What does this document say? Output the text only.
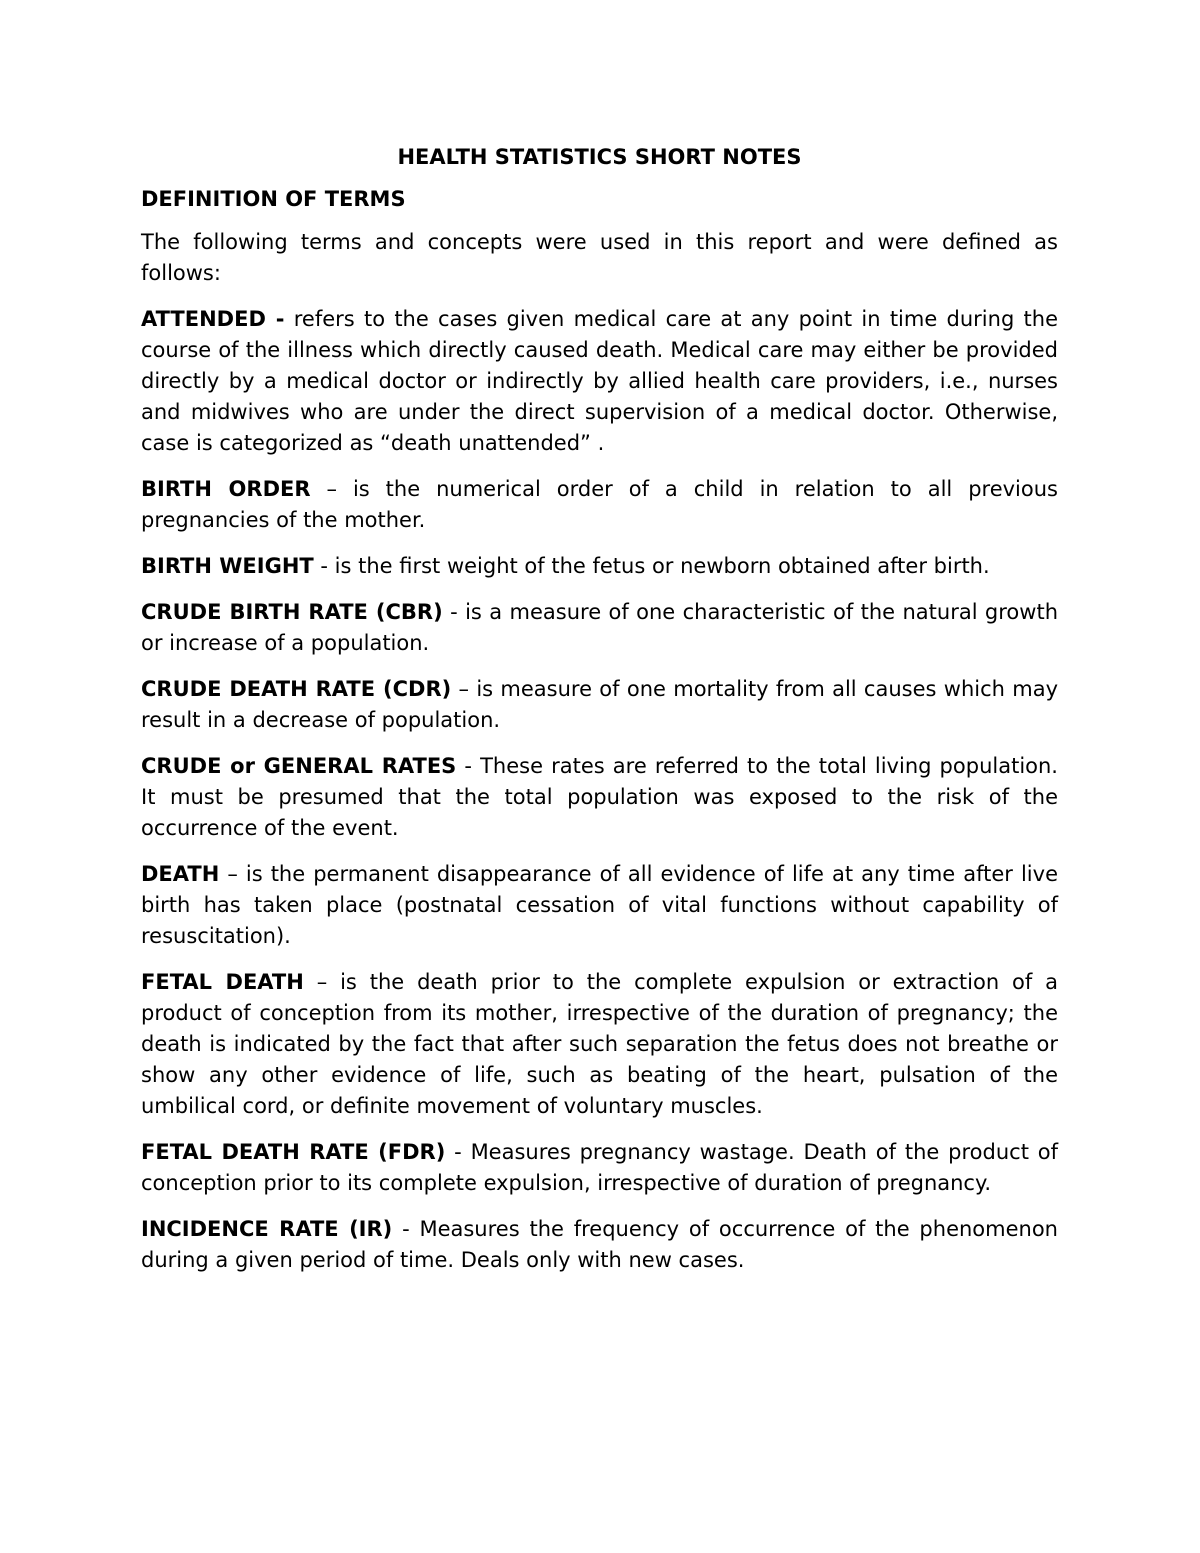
HEALTH STATISTICS SHORT NOTES
DEFINITION OF TERMS

The following terms and concepts were used in this report and were defined as follows:

ATTENDED - refers to the cases given medical care at any point in time during the course of the illness which directly caused death. Medical care may either be provided directly by a medical doctor or indirectly by allied health care providers, i.e., nurses and midwives who are under the direct supervision of a medical doctor. Otherwise, case is categorized as “death unattended” .

BIRTH ORDER – is the numerical order of a child in relation to all previous pregnancies of the mother.

BIRTH WEIGHT - is the first weight of the fetus or newborn obtained after birth.

CRUDE BIRTH RATE (CBR) - is a measure of one characteristic of the natural growth or increase of a population.

CRUDE DEATH RATE (CDR) – is measure of one mortality from all causes which may result in a decrease of population.

CRUDE or GENERAL RATES - These rates are referred to the total living population. It must be presumed that the total population was exposed to the risk of the occurrence of the event.

DEATH – is the permanent disappearance of all evidence of life at any time after live birth has taken place (postnatal cessation of vital functions without capability of resuscitation).

FETAL DEATH – is the death prior to the complete expulsion or extraction of a product of conception from its mother, irrespective of the duration of pregnancy; the death is indicated by the fact that after such separation the fetus does not breathe or show any other evidence of life, such as beating of the heart, pulsation of the umbilical cord, or definite movement of voluntary muscles.

FETAL DEATH RATE (FDR) - Measures pregnancy wastage. Death of the product of conception prior to its complete expulsion, irrespective of duration of pregnancy.

INCIDENCE RATE (IR) - Measures the frequency of occurrence of the phenomenon during a given period of time. Deals only with new cases.
